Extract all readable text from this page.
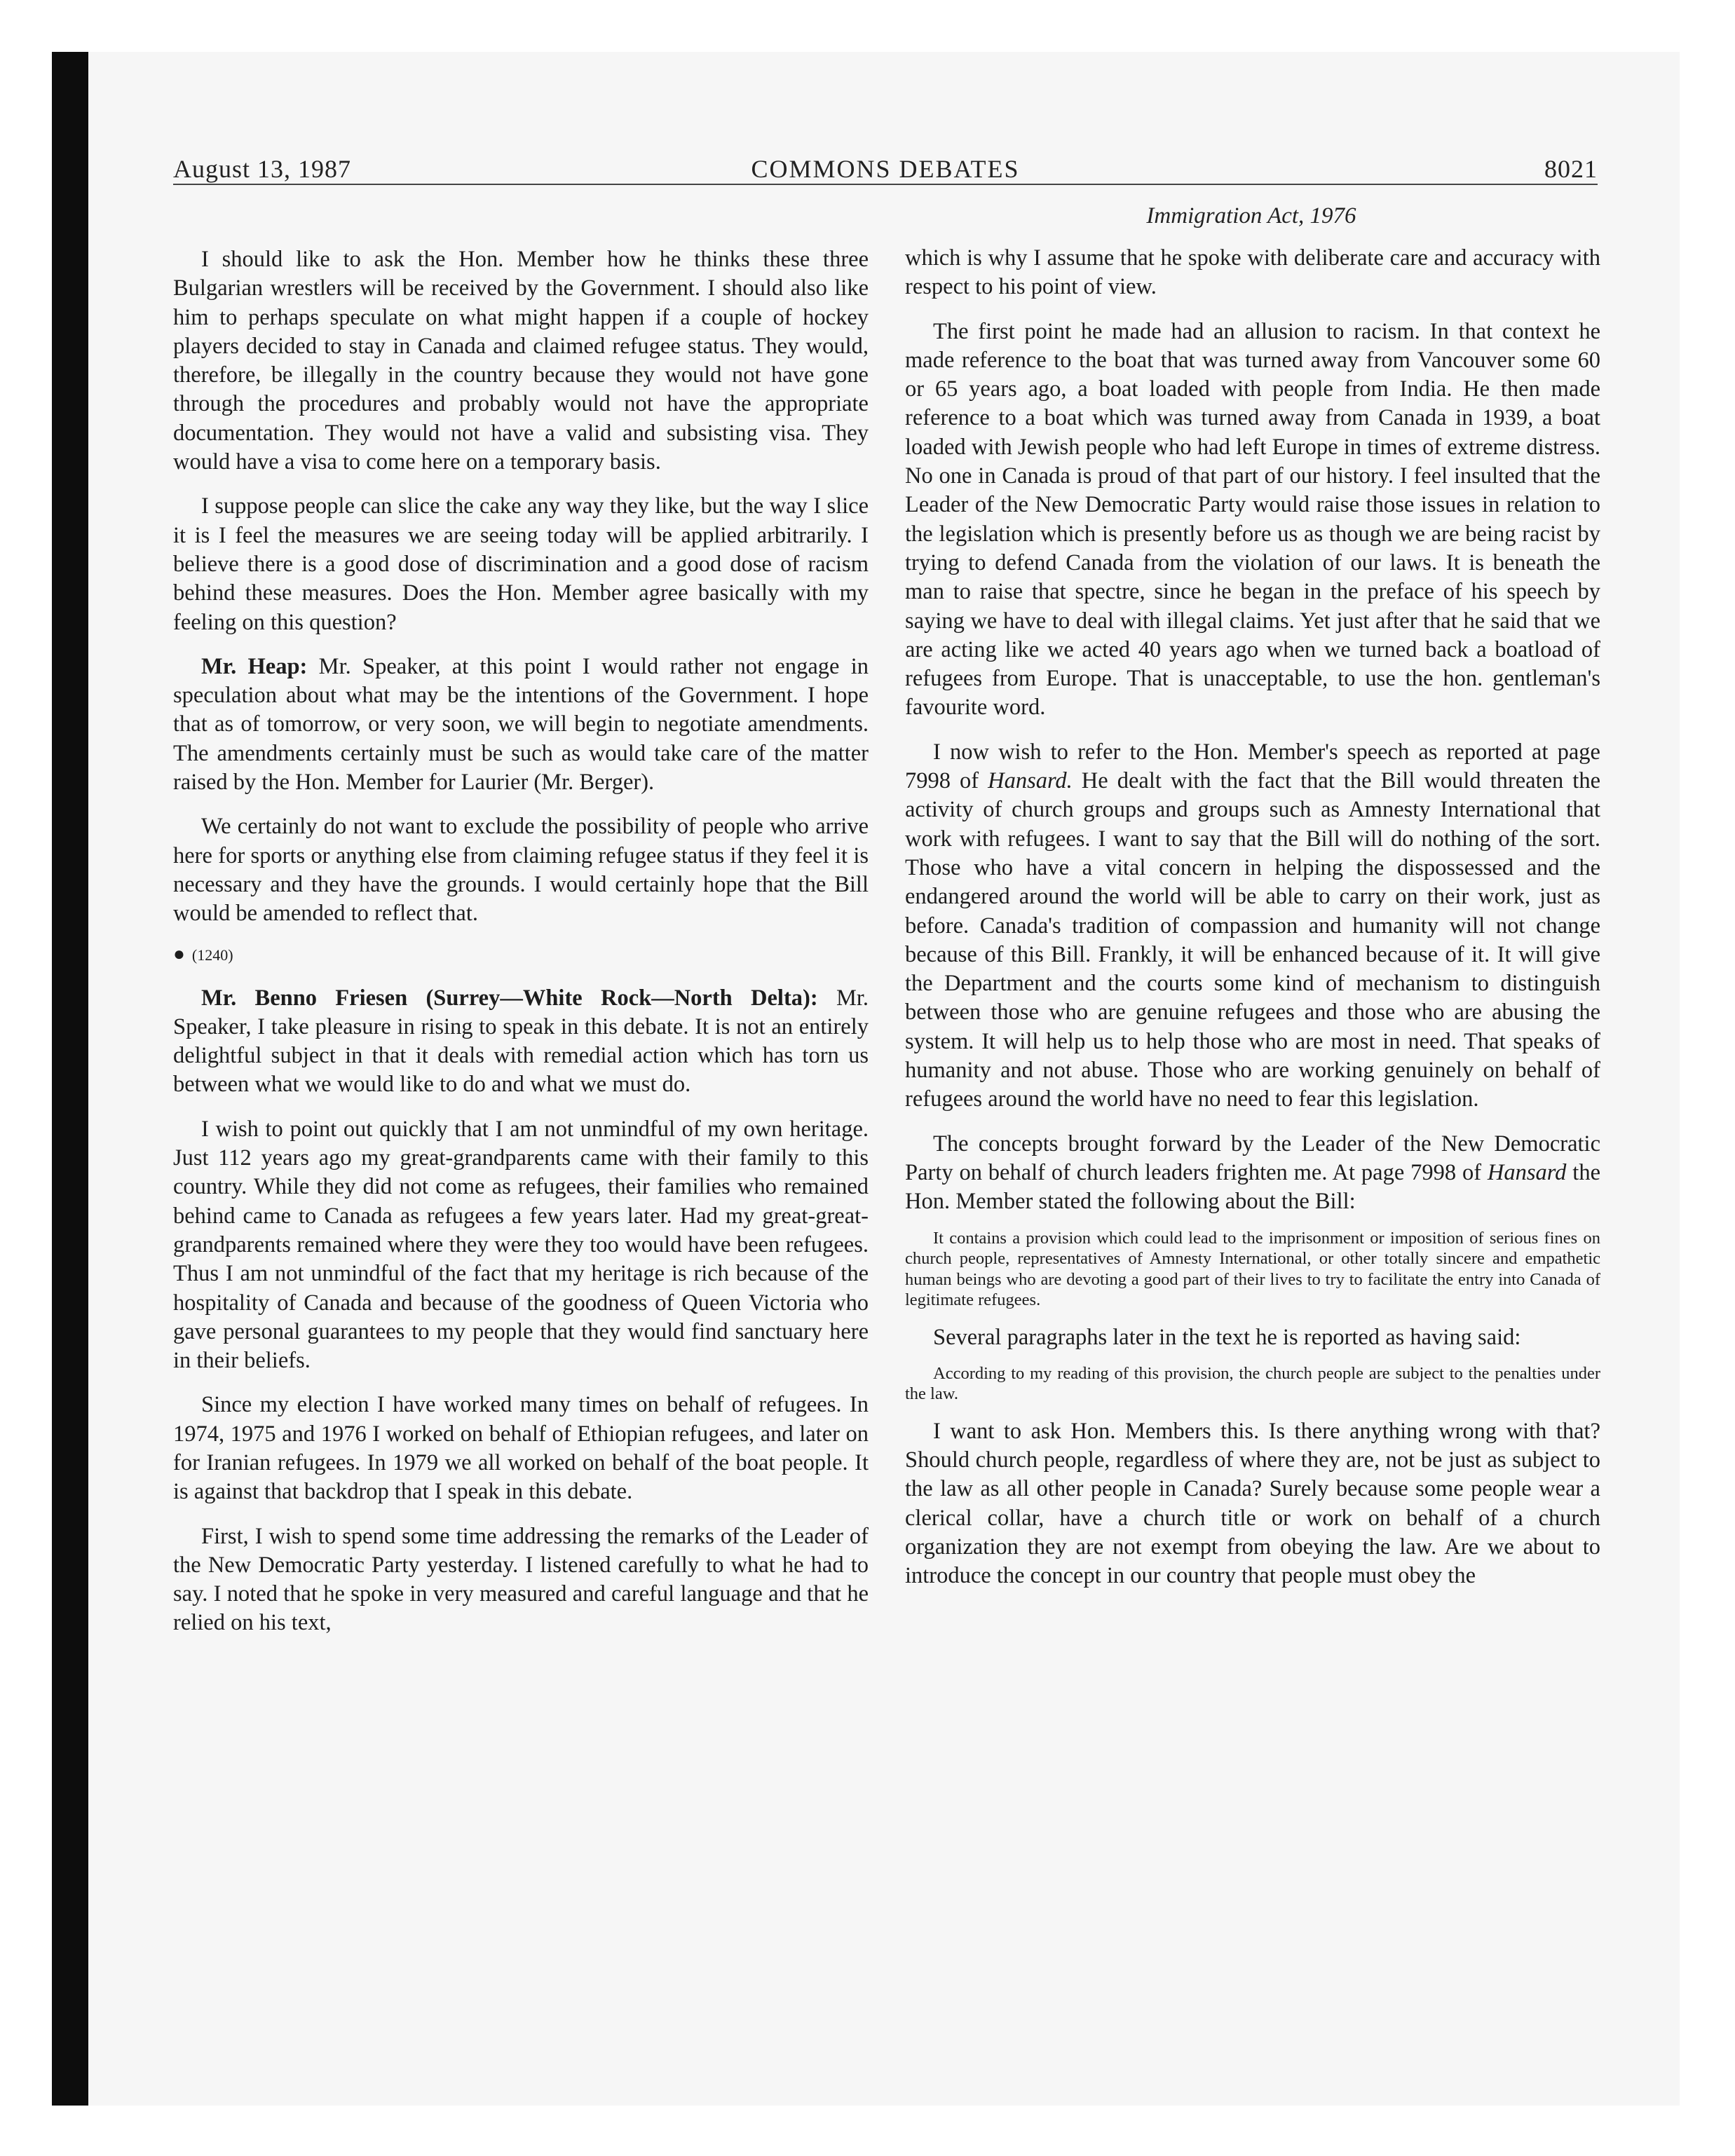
August 13, 1987	COMMONS DEBATES	8021
Immigration Act, 1976

I should like to ask the Hon. Member how he thinks these three Bulgarian wrestlers will be received by the Government. I should also like him to perhaps speculate on what might happen if a couple of hockey players decided to stay in Canada and claimed refugee status. They would, therefore, be illegally in the country because they would not have gone through the procedures and probably would not have the appropriate documentation. They would not have a valid and subsisting visa. They would have a visa to come here on a temporary basis.

I suppose people can slice the cake any way they like, but the way I slice it is I feel the measures we are seeing today will be applied arbitrarily. I believe there is a good dose of discrimination and a good dose of racism behind these measures. Does the Hon. Member agree basically with my feeling on this question?

Mr. Heap: Mr. Speaker, at this point I would rather not engage in speculation about what may be the intentions of the Government. I hope that as of tomorrow, or very soon, we will begin to negotiate amendments. The amendments certainly must be such as would take care of the matter raised by the Hon. Member for Laurier (Mr. Berger).

We certainly do not want to exclude the possibility of people who arrive here for sports or anything else from claiming refugee status if they feel it is necessary and they have the grounds. I would certainly hope that the Bill would be amended to reflect that.

● (1240)

Mr. Benno Friesen (Surrey—White Rock—North Delta): Mr. Speaker, I take pleasure in rising to speak in this debate. It is not an entirely delightful subject in that it deals with remedial action which has torn us between what we would like to do and what we must do.

I wish to point out quickly that I am not unmindful of my own heritage. Just 112 years ago my great-grandparents came with their family to this country. While they did not come as refugees, their families who remained behind came to Canada as refugees a few years later. Had my great-great-grandparents remained where they were they too would have been refugees. Thus I am not unmindful of the fact that my heritage is rich because of the hospitality of Canada and because of the goodness of Queen Victoria who gave personal guarantees to my people that they would find sanctuary here in their beliefs.

Since my election I have worked many times on behalf of refugees. In 1974, 1975 and 1976 I worked on behalf of Ethiopian refugees, and later on for Iranian refugees. In 1979 we all worked on behalf of the boat people. It is against that backdrop that I speak in this debate.

First, I wish to spend some time addressing the remarks of the Leader of the New Democratic Party yesterday. I listened carefully to what he had to say. I noted that he spoke in very measured and careful language and that he relied on his text,

which is why I assume that he spoke with deliberate care and accuracy with respect to his point of view.

The first point he made had an allusion to racism. In that context he made reference to the boat that was turned away from Vancouver some 60 or 65 years ago, a boat loaded with people from India. He then made reference to a boat which was turned away from Canada in 1939, a boat loaded with Jewish people who had left Europe in times of extreme distress. No one in Canada is proud of that part of our history. I feel insulted that the Leader of the New Democratic Party would raise those issues in relation to the legislation which is presently before us as though we are being racist by trying to defend Canada from the violation of our laws. It is beneath the man to raise that spectre, since he began in the preface of his speech by saying we have to deal with illegal claims. Yet just after that he said that we are acting like we acted 40 years ago when we turned back a boatload of refugees from Europe. That is unacceptable, to use the hon. gentleman's favourite word.

I now wish to refer to the Hon. Member's speech as reported at page 7998 of Hansard. He dealt with the fact that the Bill would threaten the activity of church groups and groups such as Amnesty International that work with refugees. I want to say that the Bill will do nothing of the sort. Those who have a vital concern in helping the dispossessed and the endangered around the world will be able to carry on their work, just as before. Canada's tradition of compassion and humanity will not change because of this Bill. Frankly, it will be enhanced because of it. It will give the Department and the courts some kind of mechanism to distinguish between those who are genuine refugees and those who are abusing the system. It will help us to help those who are most in need. That speaks of humanity and not abuse. Those who are working genuinely on behalf of refugees around the world have no need to fear this legislation.

The concepts brought forward by the Leader of the New Democratic Party on behalf of church leaders frighten me. At page 7998 of Hansard the Hon. Member stated the following about the Bill:

It contains a provision which could lead to the imprisonment or imposition of serious fines on church people, representatives of Amnesty International, or other totally sincere and empathetic human beings who are devoting a good part of their lives to try to facilitate the entry into Canada of legitimate refugees.

Several paragraphs later in the text he is reported as having said:

According to my reading of this provision, the church people are subject to the penalties under the law.

I want to ask Hon. Members this. Is there anything wrong with that? Should church people, regardless of where they are, not be just as subject to the law as all other people in Canada? Surely because some people wear a clerical collar, have a church title or work on behalf of a church organization they are not exempt from obeying the law. Are we about to introduce the concept in our country that people must obey the
